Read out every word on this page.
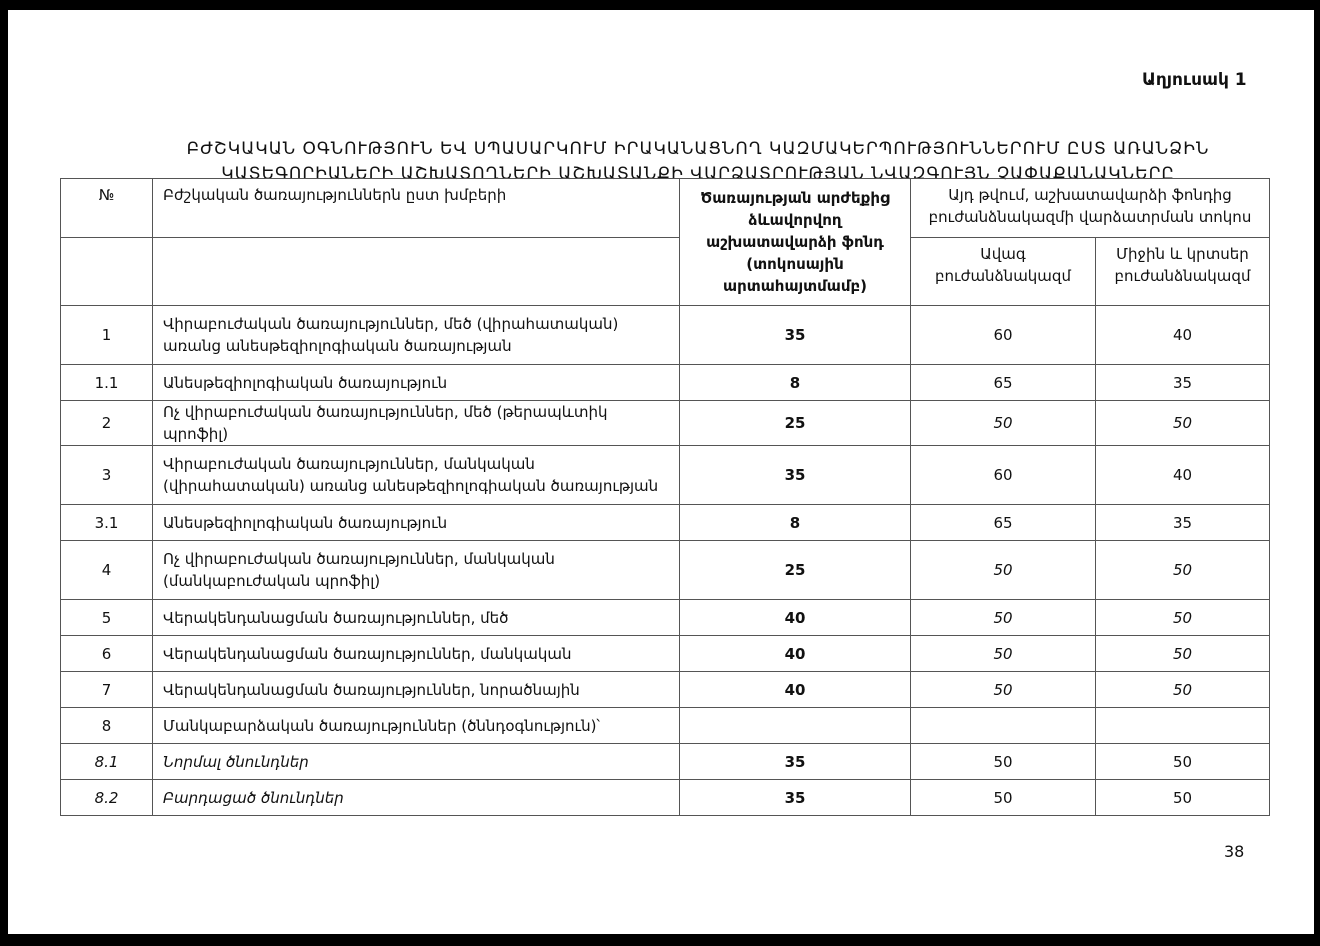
Աղյուսակ 1
ԲԺՇԿԱԿԱՆ ՕԳՆՈՒԹՅՈՒՆ ԵՎ ՍՊԱՍԱՐԿՈՒՄ ԻՐԱԿԱՆԱՑՆՈՂ ԿԱԶՄԱԿԵՐՊՈՒԹՅՈՒՆՆԵՐՈՒՄ ԸՍՏ ԱՌԱՆՁԻՆ
ԿԱՏԵԳՈՐԻԱՆԵՐԻ ԱՇԽԱՏՈՂՆԵՐԻ ԱՇԽԱՏԱՆՔԻ ՎԱՐՁԱՏՐՈՒԹՅԱՆ ՆՎԱԶԳՈՒՅՆ ՉԱՓԱՔԱՆԱԿՆԵՐԸ
№	Բժշկական ծառայություններն ըստ խմբերի	Ծառայության արժեքից ձևավորվող աշխատավարձի ֆոնդ (տոկոսային արտահայտմամբ)	Այդ թվում, աշխատավարձի ֆոնդից բուժանձնակազմի վարձատրման տոկոս	
			Ավագ բուժանձնակազմ	Միջին և կրտսեր բուժանձնակազմ
1	Վիրաբուժական ծառայություններ, մեծ (վիրահատական) առանց անեսթեզիոլոգիական ծառայության	35	60	40
1.1	Անեսթեզիոլոգիական ծառայություն	8	65	35
2	Ոչ վիրաբուժական ծառայություններ, մեծ (թերապևտիկ պրոֆիլ)	25	50	50
3	Վիրաբուժական ծառայություններ, մանկական (վիրահատական) առանց անեսթեզիոլոգիական ծառայության	35	60	40
3.1	Անեսթեզիոլոգիական ծառայություն	8	65	35
4	Ոչ վիրաբուժական ծառայություններ, մանկական (մանկաբուժական պրոֆիլ)	25	50	50
5	Վերակենդանացման ծառայություններ, մեծ	40	50	50
6	Վերակենդանացման ծառայություններ, մանկական	40	50	50
7	Վերակենդանացման ծառայություններ, նորածնային	40	50	50
8	Մանկաբարձական ծառայություններ (ծննդօգնություն)՝			
8.1	Նորմալ ծնունդներ	35	50	50
8.2	Բարդացած ծնունդներ	35	50	50
38
